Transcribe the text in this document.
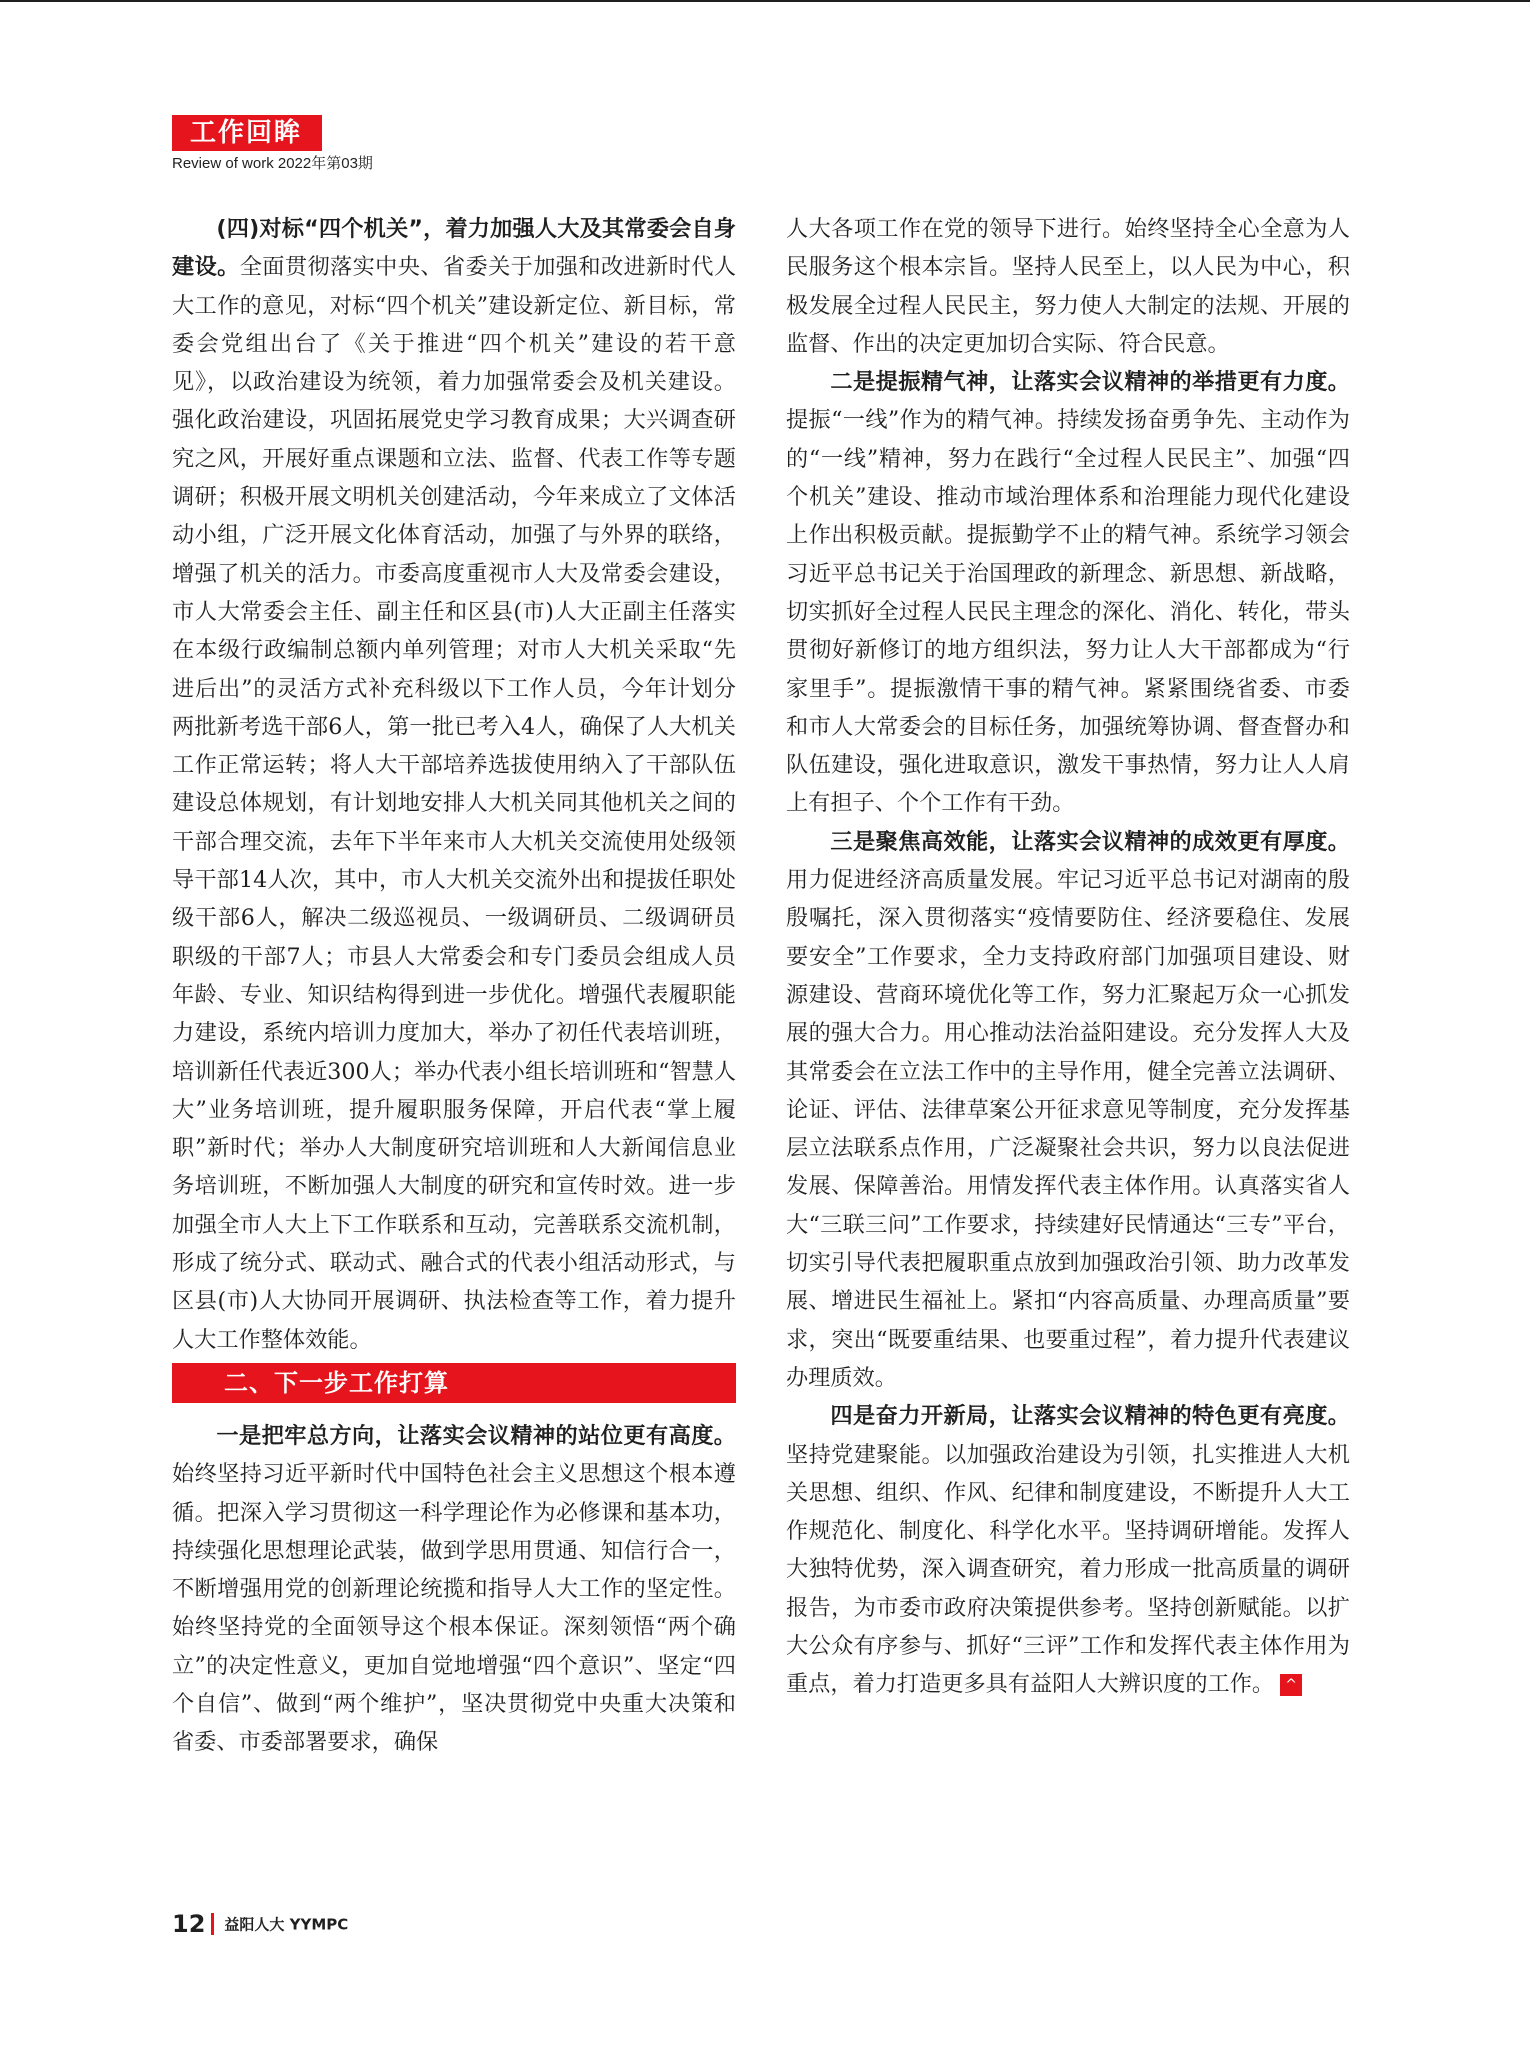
工作回眸
Review of work 2022年第03期

(四)对标“四个机关”，着力加强人大及其常委会自身建设。全面贯彻落实中央、省委关于加强和改进新时代人大工作的意见，对标“四个机关”建设新定位、新目标，常委会党组出台了《关于推进“四个机关”建设的若干意见》，以政治建设为统领，着力加强常委会及机关建设。强化政治建设，巩固拓展党史学习教育成果；大兴调查研究之风，开展好重点课题和立法、监督、代表工作等专题调研；积极开展文明机关创建活动，今年来成立了文体活动小组，广泛开展文化体育活动，加强了与外界的联络，增强了机关的活力。市委高度重视市人大及常委会建设，市人大常委会主任、副主任和区县(市)人大正副主任落实在本级行政编制总额内单列管理；对市人大机关采取“先进后出”的灵活方式补充科级以下工作人员，今年计划分两批新考选干部6人，第一批已考入4人，确保了人大机关工作正常运转；将人大干部培养选拔使用纳入了干部队伍建设总体规划，有计划地安排人大机关同其他机关之间的干部合理交流，去年下半年来市人大机关交流使用处级领导干部14人次，其中，市人大机关交流外出和提拔任职处级干部6人，解决二级巡视员、一级调研员、二级调研员职级的干部7人；市县人大常委会和专门委员会组成人员年龄、专业、知识结构得到进一步优化。增强代表履职能力建设，系统内培训力度加大，举办了初任代表培训班，培训新任代表近300人；举办代表小组长培训班和“智慧人大”业务培训班，提升履职服务保障，开启代表“掌上履职”新时代；举办人大制度研究培训班和人大新闻信息业务培训班，不断加强人大制度的研究和宣传时效。进一步加强全市人大上下工作联系和互动，完善联系交流机制，形成了统分式、联动式、融合式的代表小组活动形式，与区县(市)人大协同开展调研、执法检查等工作，着力提升人大工作整体效能。

二、下一步工作打算

一是把牢总方向，让落实会议精神的站位更有高度。始终坚持习近平新时代中国特色社会主义思想这个根本遵循。把深入学习贯彻这一科学理论作为必修课和基本功，持续强化思想理论武装，做到学思用贯通、知信行合一，不断增强用党的创新理论统揽和指导人大工作的坚定性。始终坚持党的全面领导这个根本保证。深刻领悟“两个确立”的决定性意义，更加自觉地增强“四个意识”、坚定“四个自信”、做到“两个维护”，坚决贯彻党中央重大决策和省委、市委部署要求，确保

人大各项工作在党的领导下进行。始终坚持全心全意为人民服务这个根本宗旨。坚持人民至上，以人民为中心，积极发展全过程人民民主，努力使人大制定的法规、开展的监督、作出的决定更加切合实际、符合民意。

二是提振精气神，让落实会议精神的举措更有力度。提振“一线”作为的精气神。持续发扬奋勇争先、主动作为的“一线”精神，努力在践行“全过程人民民主”、加强“四个机关”建设、推动市域治理体系和治理能力现代化建设上作出积极贡献。提振勤学不止的精气神。系统学习领会习近平总书记关于治国理政的新理念、新思想、新战略，切实抓好全过程人民民主理念的深化、消化、转化，带头贯彻好新修订的地方组织法，努力让人大干部都成为“行家里手”。提振激情干事的精气神。紧紧围绕省委、市委和市人大常委会的目标任务，加强统筹协调、督查督办和队伍建设，强化进取意识，激发干事热情，努力让人人肩上有担子、个个工作有干劲。

三是聚焦高效能，让落实会议精神的成效更有厚度。用力促进经济高质量发展。牢记习近平总书记对湖南的殷殷嘱托，深入贯彻落实“疫情要防住、经济要稳住、发展要安全”工作要求，全力支持政府部门加强项目建设、财源建设、营商环境优化等工作，努力汇聚起万众一心抓发展的强大合力。用心推动法治益阳建设。充分发挥人大及其常委会在立法工作中的主导作用，健全完善立法调研、论证、评估、法律草案公开征求意见等制度，充分发挥基层立法联系点作用，广泛凝聚社会共识，努力以良法促进发展、保障善治。用情发挥代表主体作用。认真落实省人大“三联三问”工作要求，持续建好民情通达“三专”平台，切实引导代表把履职重点放到加强政治引领、助力改革发展、增进民生福祉上。紧扣“内容高质量、办理高质量”要求，突出“既要重结果、也要重过程”，着力提升代表建议办理质效。

四是奋力开新局，让落实会议精神的特色更有亮度。坚持党建聚能。以加强政治建设为引领，扎实推进人大机关思想、组织、作风、纪律和制度建设，不断提升人大工作规范化、制度化、科学化水平。坚持调研增能。发挥人大独特优势，深入调查研究，着力形成一批高质量的调研报告，为市委市政府决策提供参考。坚持创新赋能。以扩大公众有序参与、抓好“三评”工作和发挥代表主体作用为重点，着力打造更多具有益阳人大辨识度的工作。 ^

12 益阳人大 YYMPC
